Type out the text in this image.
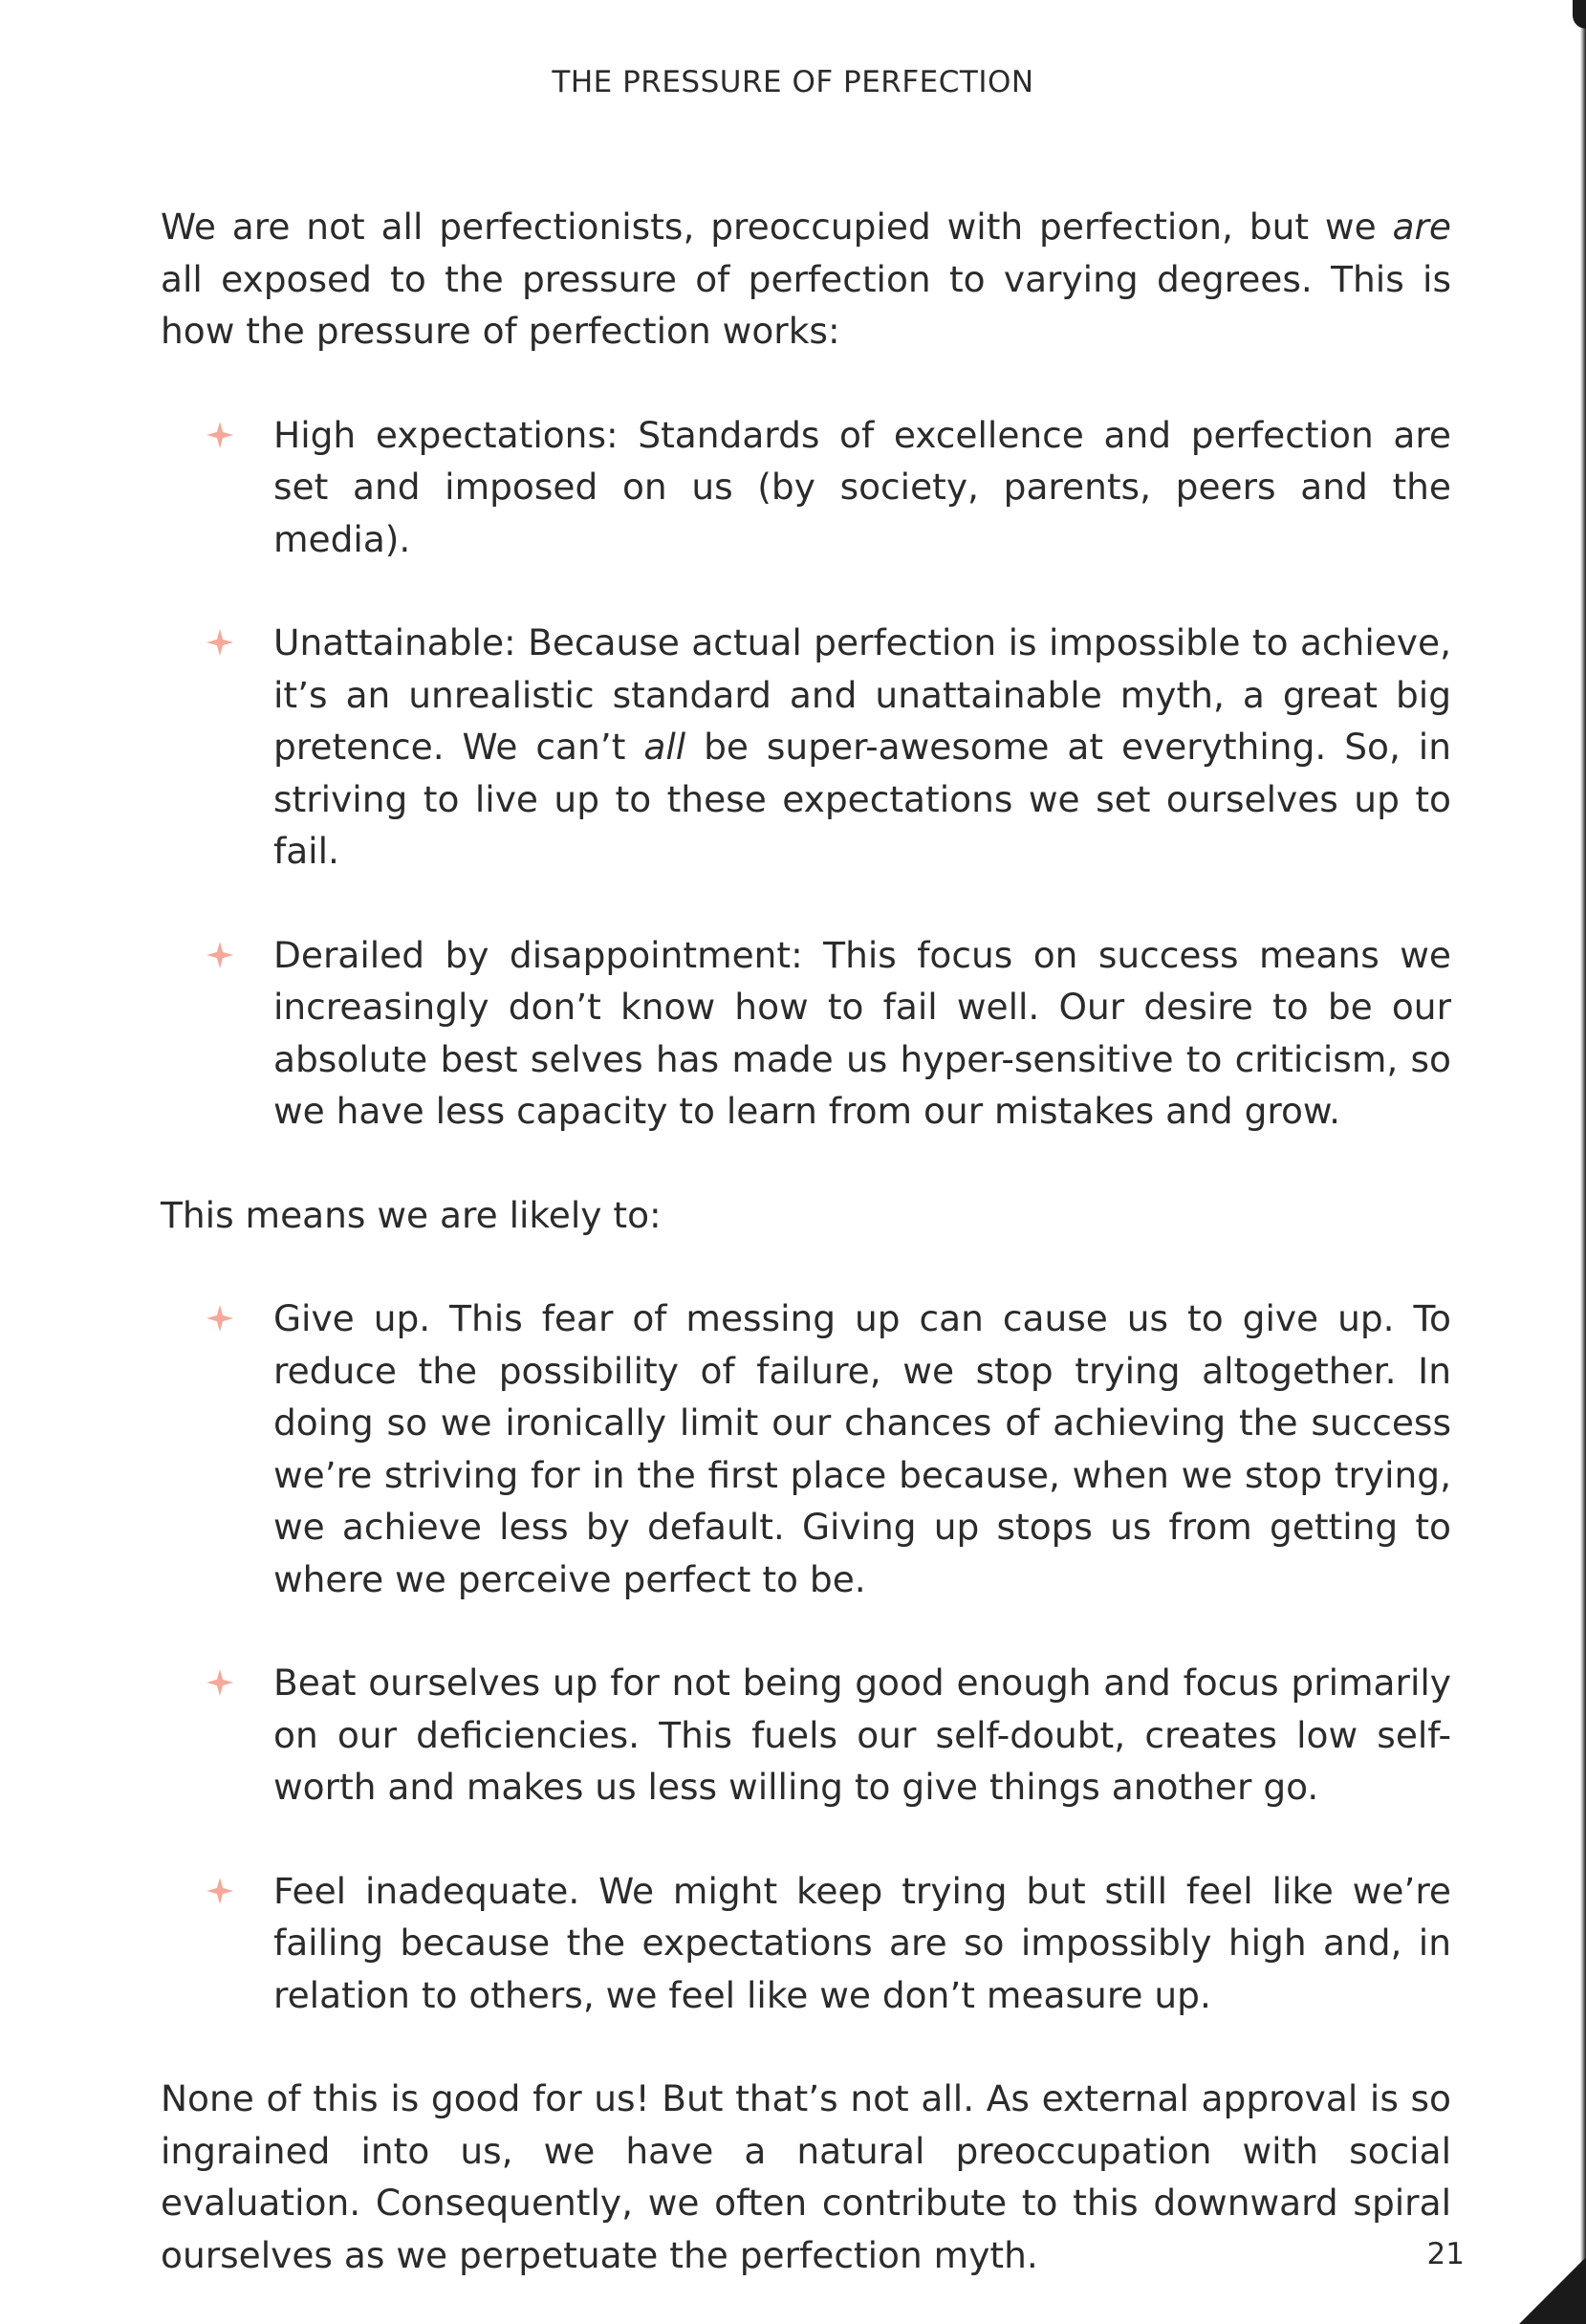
THE PRESSURE OF PERFECTION

We are not all perfectionists, preoccupied with perfection, but we are all exposed to the pressure of perfection to varying degrees. This is how the pressure of perfection works:

High expectations: Standards of excellence and perfection are set and imposed on us (by society, parents, peers and the media).
Unattainable: Because actual perfection is impossible to achieve, it’s an unrealistic standard and unattainable myth, a great big pretence. We can’t all be super-awesome at everything. So, in striving to live up to these expectations we set ourselves up to fail.
Derailed by disappointment: This focus on success means we increasingly don’t know how to fail well. Our desire to be our absolute best selves has made us hyper-sensitive to criticism, so we have less capacity to learn from our mistakes and grow.

This means we are likely to:

Give up. This fear of messing up can cause us to give up. To reduce the possibility of failure, we stop trying altogether. In doing so we ironically limit our chances of achieving the success we’re striving for in the first place because, when we stop trying, we achieve less by default. Giving up stops us from getting to where we perceive perfect to be.
Beat ourselves up for not being good enough and focus primarily on our deficiencies. This fuels our self-doubt, creates low self-worth and makes us less willing to give things another go.
Feel inadequate. We might keep trying but still feel like we’re failing because the expectations are so impossibly high and, in relation to others, we feel like we don’t measure up.

None of this is good for us! But that’s not all. As external approval is so ingrained into us, we have a natural preoccupation with social evaluation. Consequently, we often contribute to this downward spiral ourselves as we perpetuate the perfection myth.	21
